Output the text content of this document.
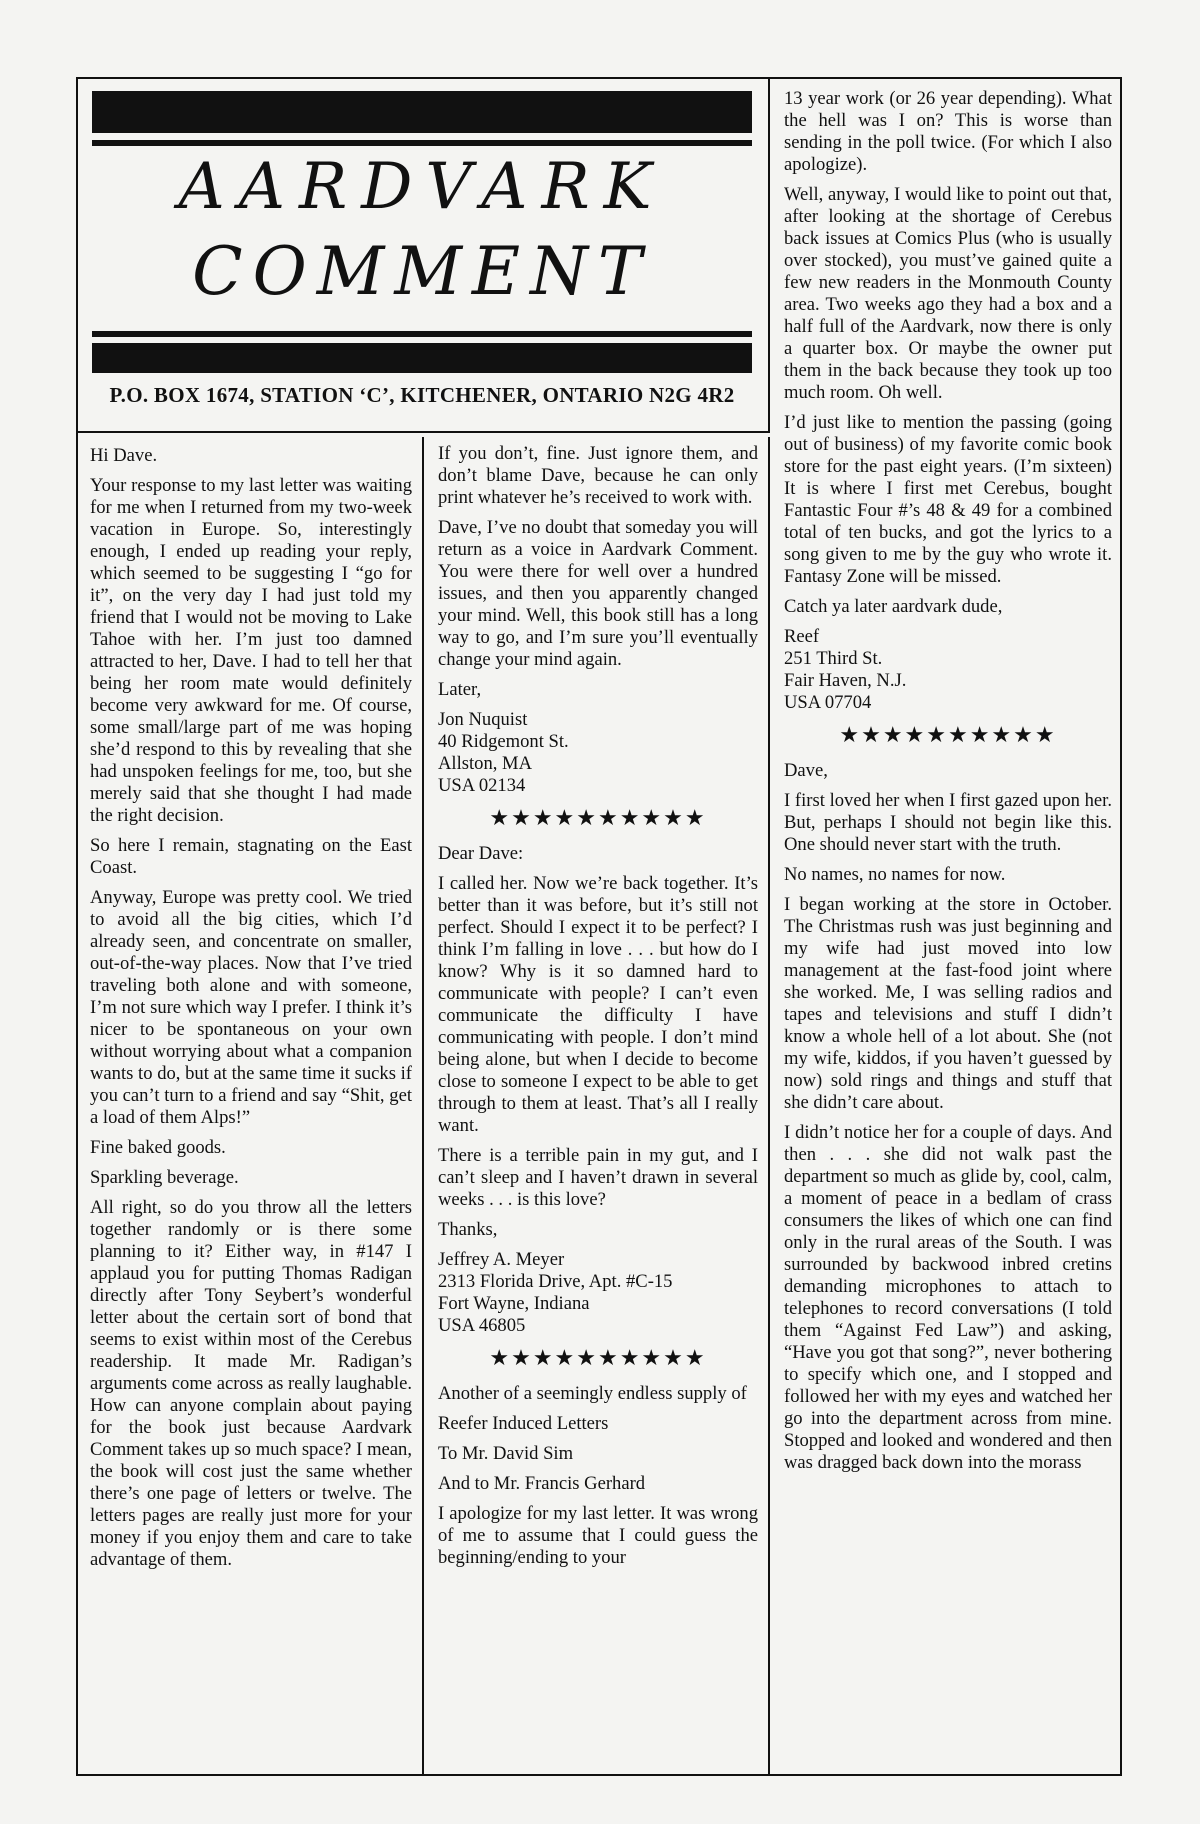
AARDVARK
COMMENT
P.O. BOX 1674, STATION ‘C’, KITCHENER, ONTARIO N2G 4R2

Hi Dave.

Your response to my last letter was waiting for me when I returned from my two-week vacation in Europe. So, interestingly enough, I ended up reading your reply, which seemed to be suggesting I “go for it”, on the very day I had just told my friend that I would not be moving to Lake Tahoe with her. I’m just too damned attracted to her, Dave. I had to tell her that being her room mate would definitely become very awkward for me. Of course, some small/large part of me was hoping she’d respond to this by revealing that she had unspoken feelings for me, too, but she merely said that she thought I had made the right decision.

So here I remain, stagnating on the East Coast.

Anyway, Europe was pretty cool. We tried to avoid all the big cities, which I’d already seen, and concentrate on smaller, out-of-the-way places. Now that I’ve tried traveling both alone and with someone, I’m not sure which way I prefer. I think it’s nicer to be spontaneous on your own without worrying about what a companion wants to do, but at the same time it sucks if you can’t turn to a friend and say “Shit, get a load of them Alps!”

Fine baked goods.

Sparkling beverage.

All right, so do you throw all the letters together randomly or is there some planning to it? Either way, in #147 I applaud you for putting Thomas Radigan directly after Tony Seybert’s wonderful letter about the certain sort of bond that seems to exist within most of the Cerebus readership. It made Mr. Radigan’s arguments come across as really laughable. How can anyone complain about paying for the book just because Aardvark Comment takes up so much space? I mean, the book will cost just the same whether there’s one page of letters or twelve. The letters pages are really just more for your money if you enjoy them and care to take advantage of them.

If you don’t, fine. Just ignore them, and don’t blame Dave, because he can only print whatever he’s received to work with.

Dave, I’ve no doubt that someday you will return as a voice in Aardvark Comment. You were there for well over a hundred issues, and then you apparently changed your mind. Well, this book still has a long way to go, and I’m sure you’ll eventually change your mind again.

Later,

Jon Nuquist

40 Ridgemont St.

Allston, MA

USA 02134

★★★★★★★★★★

Dear Dave:

I called her. Now we’re back together. It’s better than it was before, but it’s still not perfect. Should I expect it to be perfect? I think I’m falling in love . . . but how do I know? Why is it so damned hard to communicate with people? I can’t even communicate the difficulty I have communicating with people. I don’t mind being alone, but when I decide to become close to someone I expect to be able to get through to them at least. That’s all I really want.

There is a terrible pain in my gut, and I can’t sleep and I haven’t drawn in several weeks . . . is this love?

Thanks,

Jeffrey A. Meyer

2313 Florida Drive, Apt. #C-15

Fort Wayne, Indiana

USA 46805

★★★★★★★★★★

Another of a seemingly endless supply of

Reefer Induced Letters

To Mr. David Sim

And to Mr. Francis Gerhard

I apologize for my last letter. It was wrong of me to assume that I could guess the beginning/ending to your

13 year work (or 26 year depending). What the hell was I on? This is worse than sending in the poll twice. (For which I also apologize).

Well, anyway, I would like to point out that, after looking at the shortage of Cerebus back issues at Comics Plus (who is usually over stocked), you must’ve gained quite a few new readers in the Monmouth County area. Two weeks ago they had a box and a half full of the Aardvark, now there is only a quarter box. Or maybe the owner put them in the back because they took up too much room. Oh well.

I’d just like to mention the passing (going out of business) of my favorite comic book store for the past eight years. (I’m sixteen) It is where I first met Cerebus, bought Fantastic Four #’s 48 & 49 for a combined total of ten bucks, and got the lyrics to a song given to me by the guy who wrote it. Fantasy Zone will be missed.

Catch ya later aardvark dude,

Reef

251 Third St.

Fair Haven, N.J.

USA 07704

★★★★★★★★★★

Dave,

I first loved her when I first gazed upon her. But, perhaps I should not begin like this. One should never start with the truth.

No names, no names for now.

I began working at the store in October. The Christmas rush was just beginning and my wife had just moved into low management at the fast-food joint where she worked. Me, I was selling radios and tapes and televisions and stuff I didn’t know a whole hell of a lot about. She (not my wife, kiddos, if you haven’t guessed by now) sold rings and things and stuff that she didn’t care about.

I didn’t notice her for a couple of days. And then . . . she did not walk past the department so much as glide by, cool, calm, a moment of peace in a bedlam of crass consumers the likes of which one can find only in the rural areas of the South. I was surrounded by backwood inbred cretins demanding microphones to attach to telephones to record conversations (I told them “Against Fed Law”) and asking, “Have you got that song?”, never bothering to specify which one, and I stopped and followed her with my eyes and watched her go into the department across from mine. Stopped and looked and wondered and then was dragged back down into the morass
